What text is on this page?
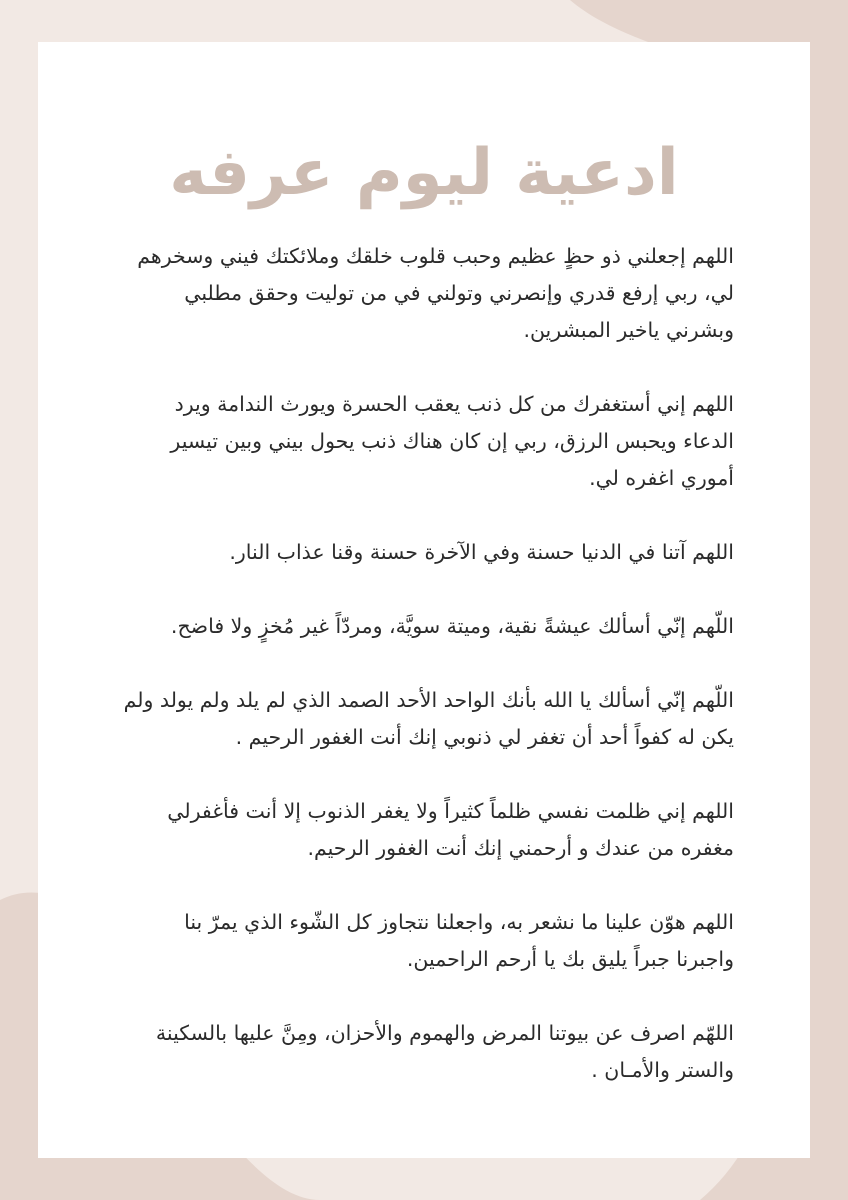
ادعية ليوم عرفه

اللهم إجعلني ذو حظٍ عظيم وحبب قلوب خلقك وملائكتك فيني وسخرهم لي، ربي إرفع قدري وإنصرني وتولني في من توليت وحقق مطلبي وبشرني ياخير المبشرين.

اللهم إني أستغفرك من كل ذنب يعقب الحسرة ويورث الندامة ويرد الدعاء ويحبس الرزق، ربي إن كان هناك ذنب يحول بيني وبين تيسير أموري اغفره لي.

اللهم آتنا في الدنيا حسنة وفي الآخرة حسنة وقنا عذاب النار.

اللّهم إنّي أسألك عيشةً نقية، وميتة سويَّة، ومردّاً غير مُخزٍ ولا فاضح.

اللّهم إنّي أسألك يا الله بأنك الواحد الأحد الصمد الذي لم يلد ولم يولد ولم يكن له كفواً أحد أن تغفر لي ذنوبي إنك أنت الغفور الرحيم .

اللهم إني ظلمت نفسي ظلماً كثيراً ولا يغفر الذنوب إلا أنت فأغفرلي مغفره من عندك و أرحمني إنك أنت الغفور الرحيم.

اللهم هوّن علينا ما نشعر به، واجعلنا نتجاوز كل الشّوء الذي يمرّ بنا واجبرنا جبراً يليق بك يا أرحم الراحمين.

اللهّم اصرف عن بيوتنا المرض والهموم والأحزان، ومِنَّ عليها بالسكينة والستر والأمـان .
